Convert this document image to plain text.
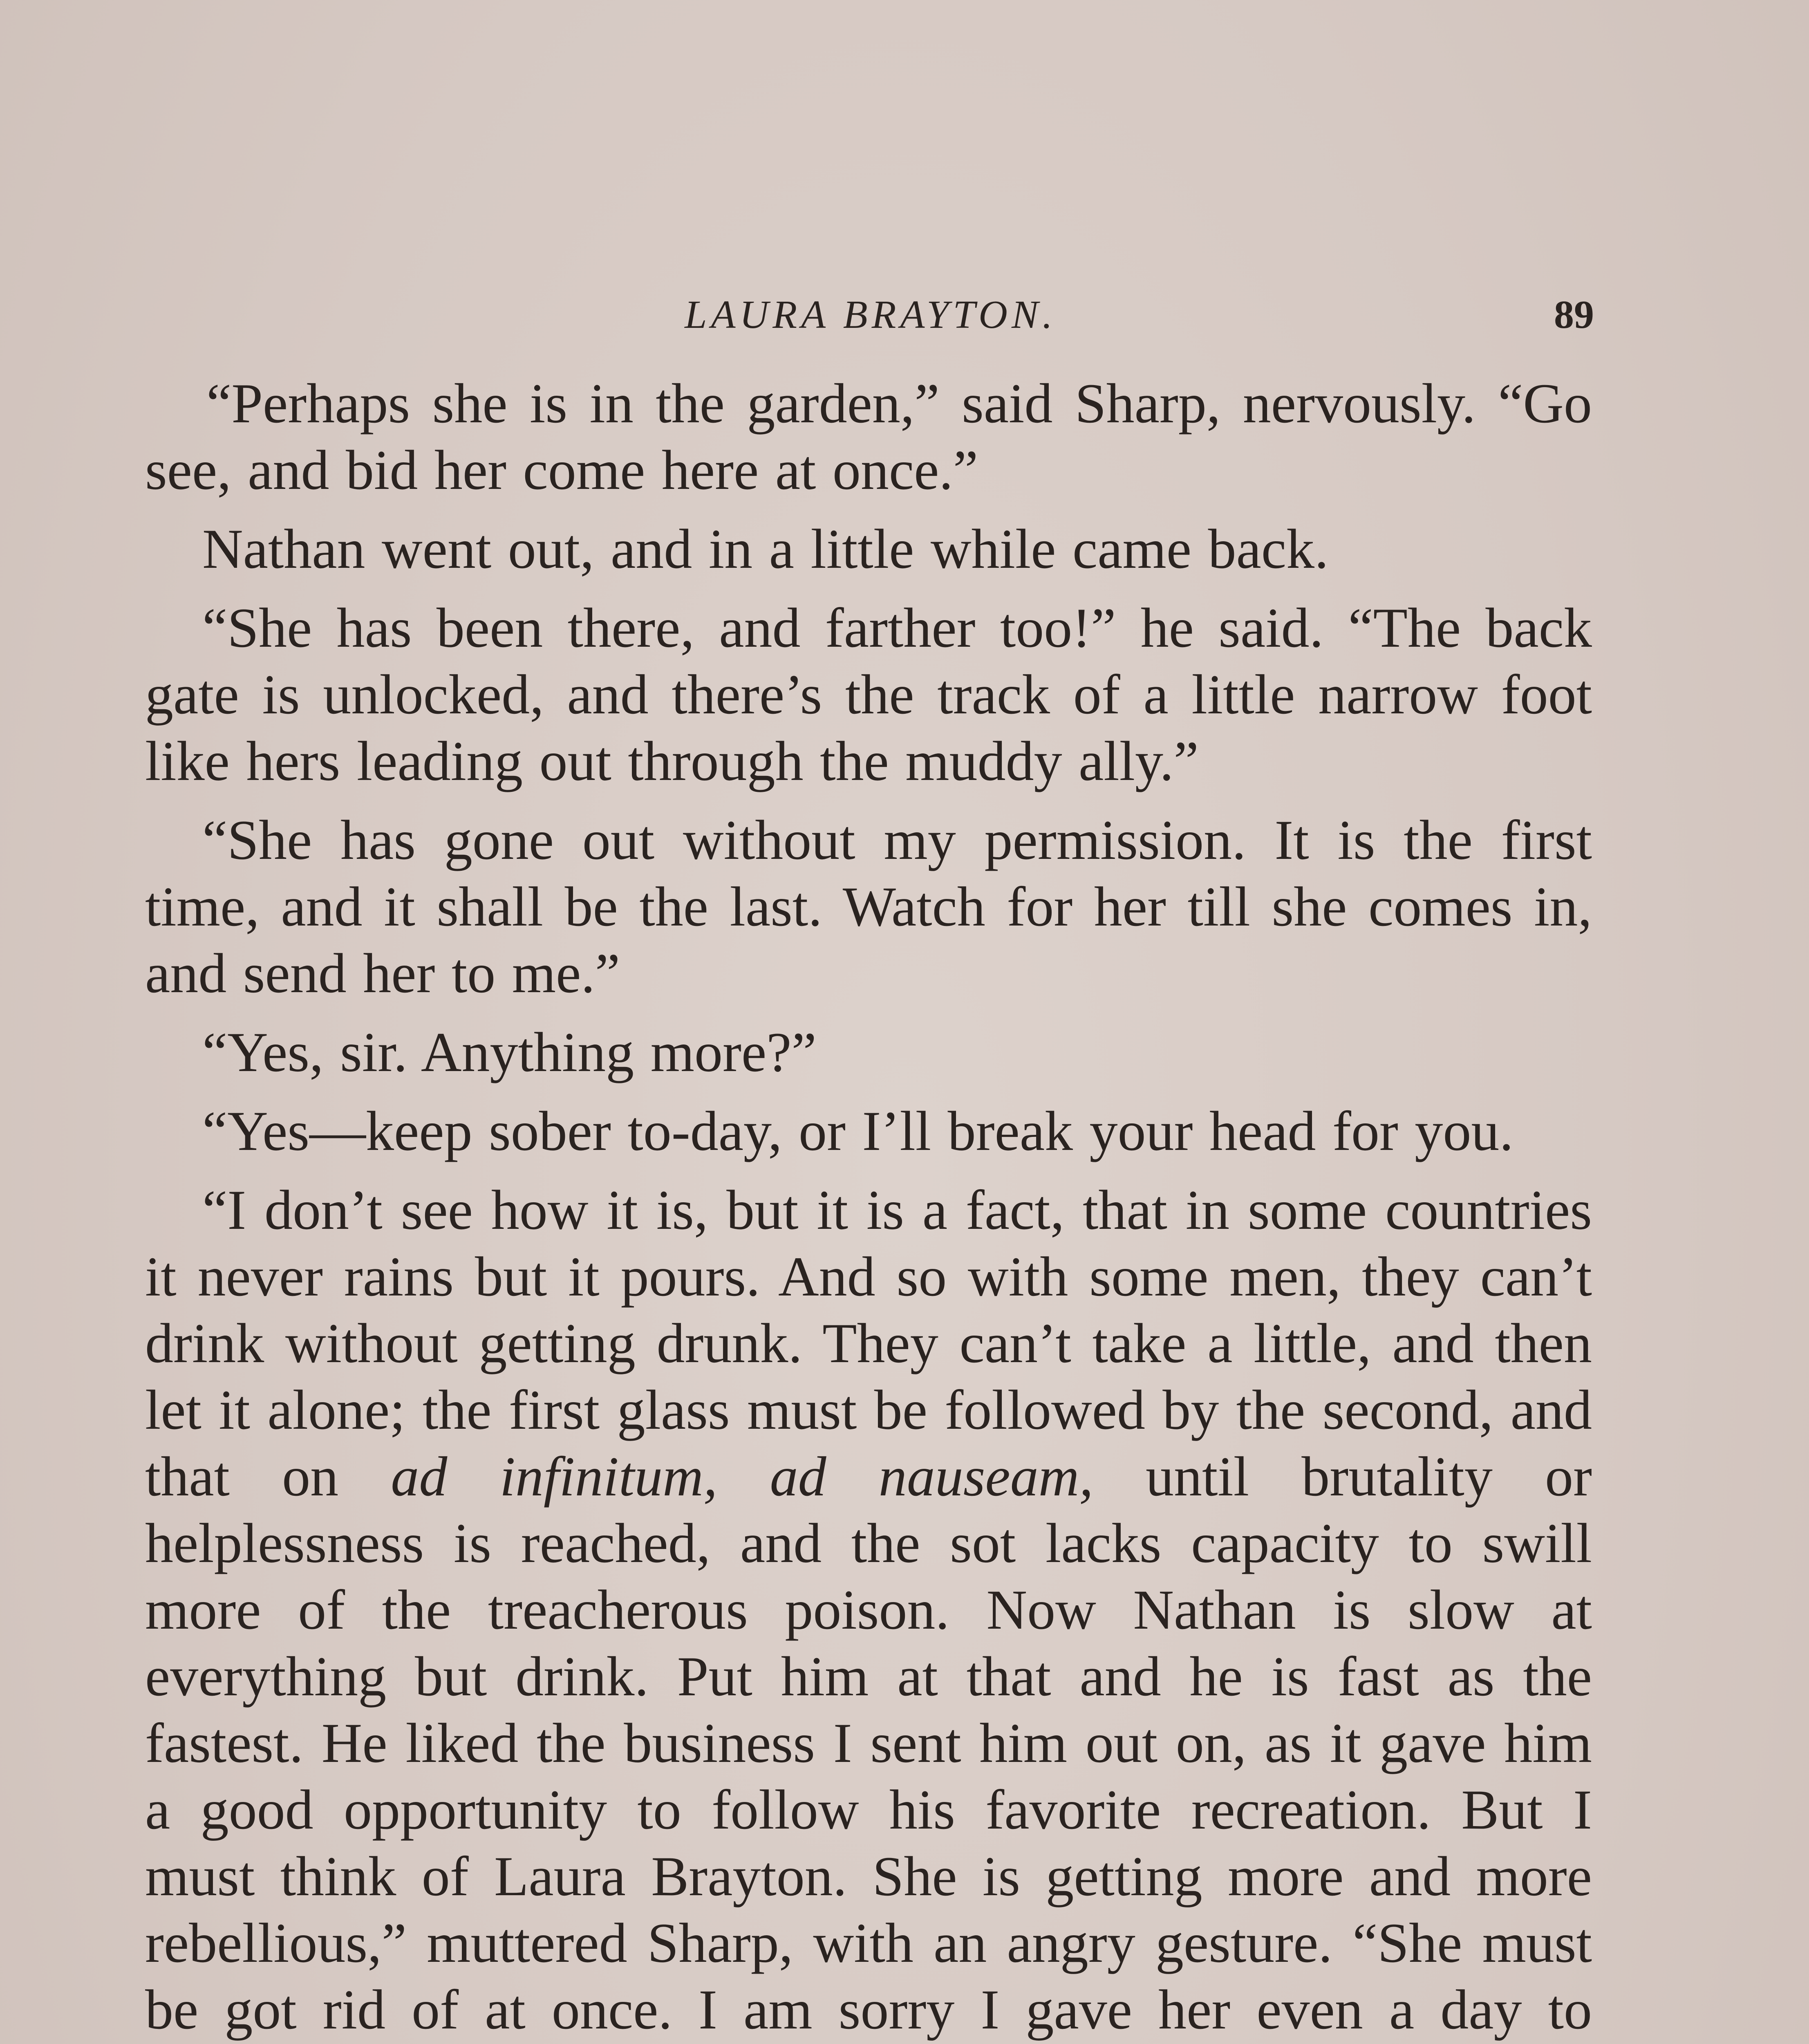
LAURA BRAYTON.	89

“Perhaps she is in the garden,” said Sharp, nervously. “Go see, and bid her come here at once.”

Nathan went out, and in a little while came back.

“She has been there, and farther too!” he said. “The back gate is unlocked, and there’s the track of a little narrow foot like hers leading out through the muddy ally.”

“She has gone out without my permission. It is the first time, and it shall be the last. Watch for her till she comes in, and send her to me.”

“Yes, sir. Anything more?”

“Yes—keep sober to-day, or I’ll break your head for you.

“I don’t see how it is, but it is a fact, that in some countries it never rains but it pours. And so with some men, they can’t drink without getting drunk. They can’t take a little, and then let it alone; the first glass must be followed by the second, and that on ad infinitum, ad nauseam, until brutality or helplessness is reached, and the sot lacks capacity to swill more of the treacherous poison. Now Nathan is slow at everything but drink. Put him at that and he is fast as the fastest. He liked the business I sent him out on, as it gave him a good opportunity to follow his favorite recreation. But I must think of Laura Brayton. She is getting more and more rebellious,” muttered Sharp, with an angry gesture. “She must be got rid of at once. I am sorry I gave her even a day to
